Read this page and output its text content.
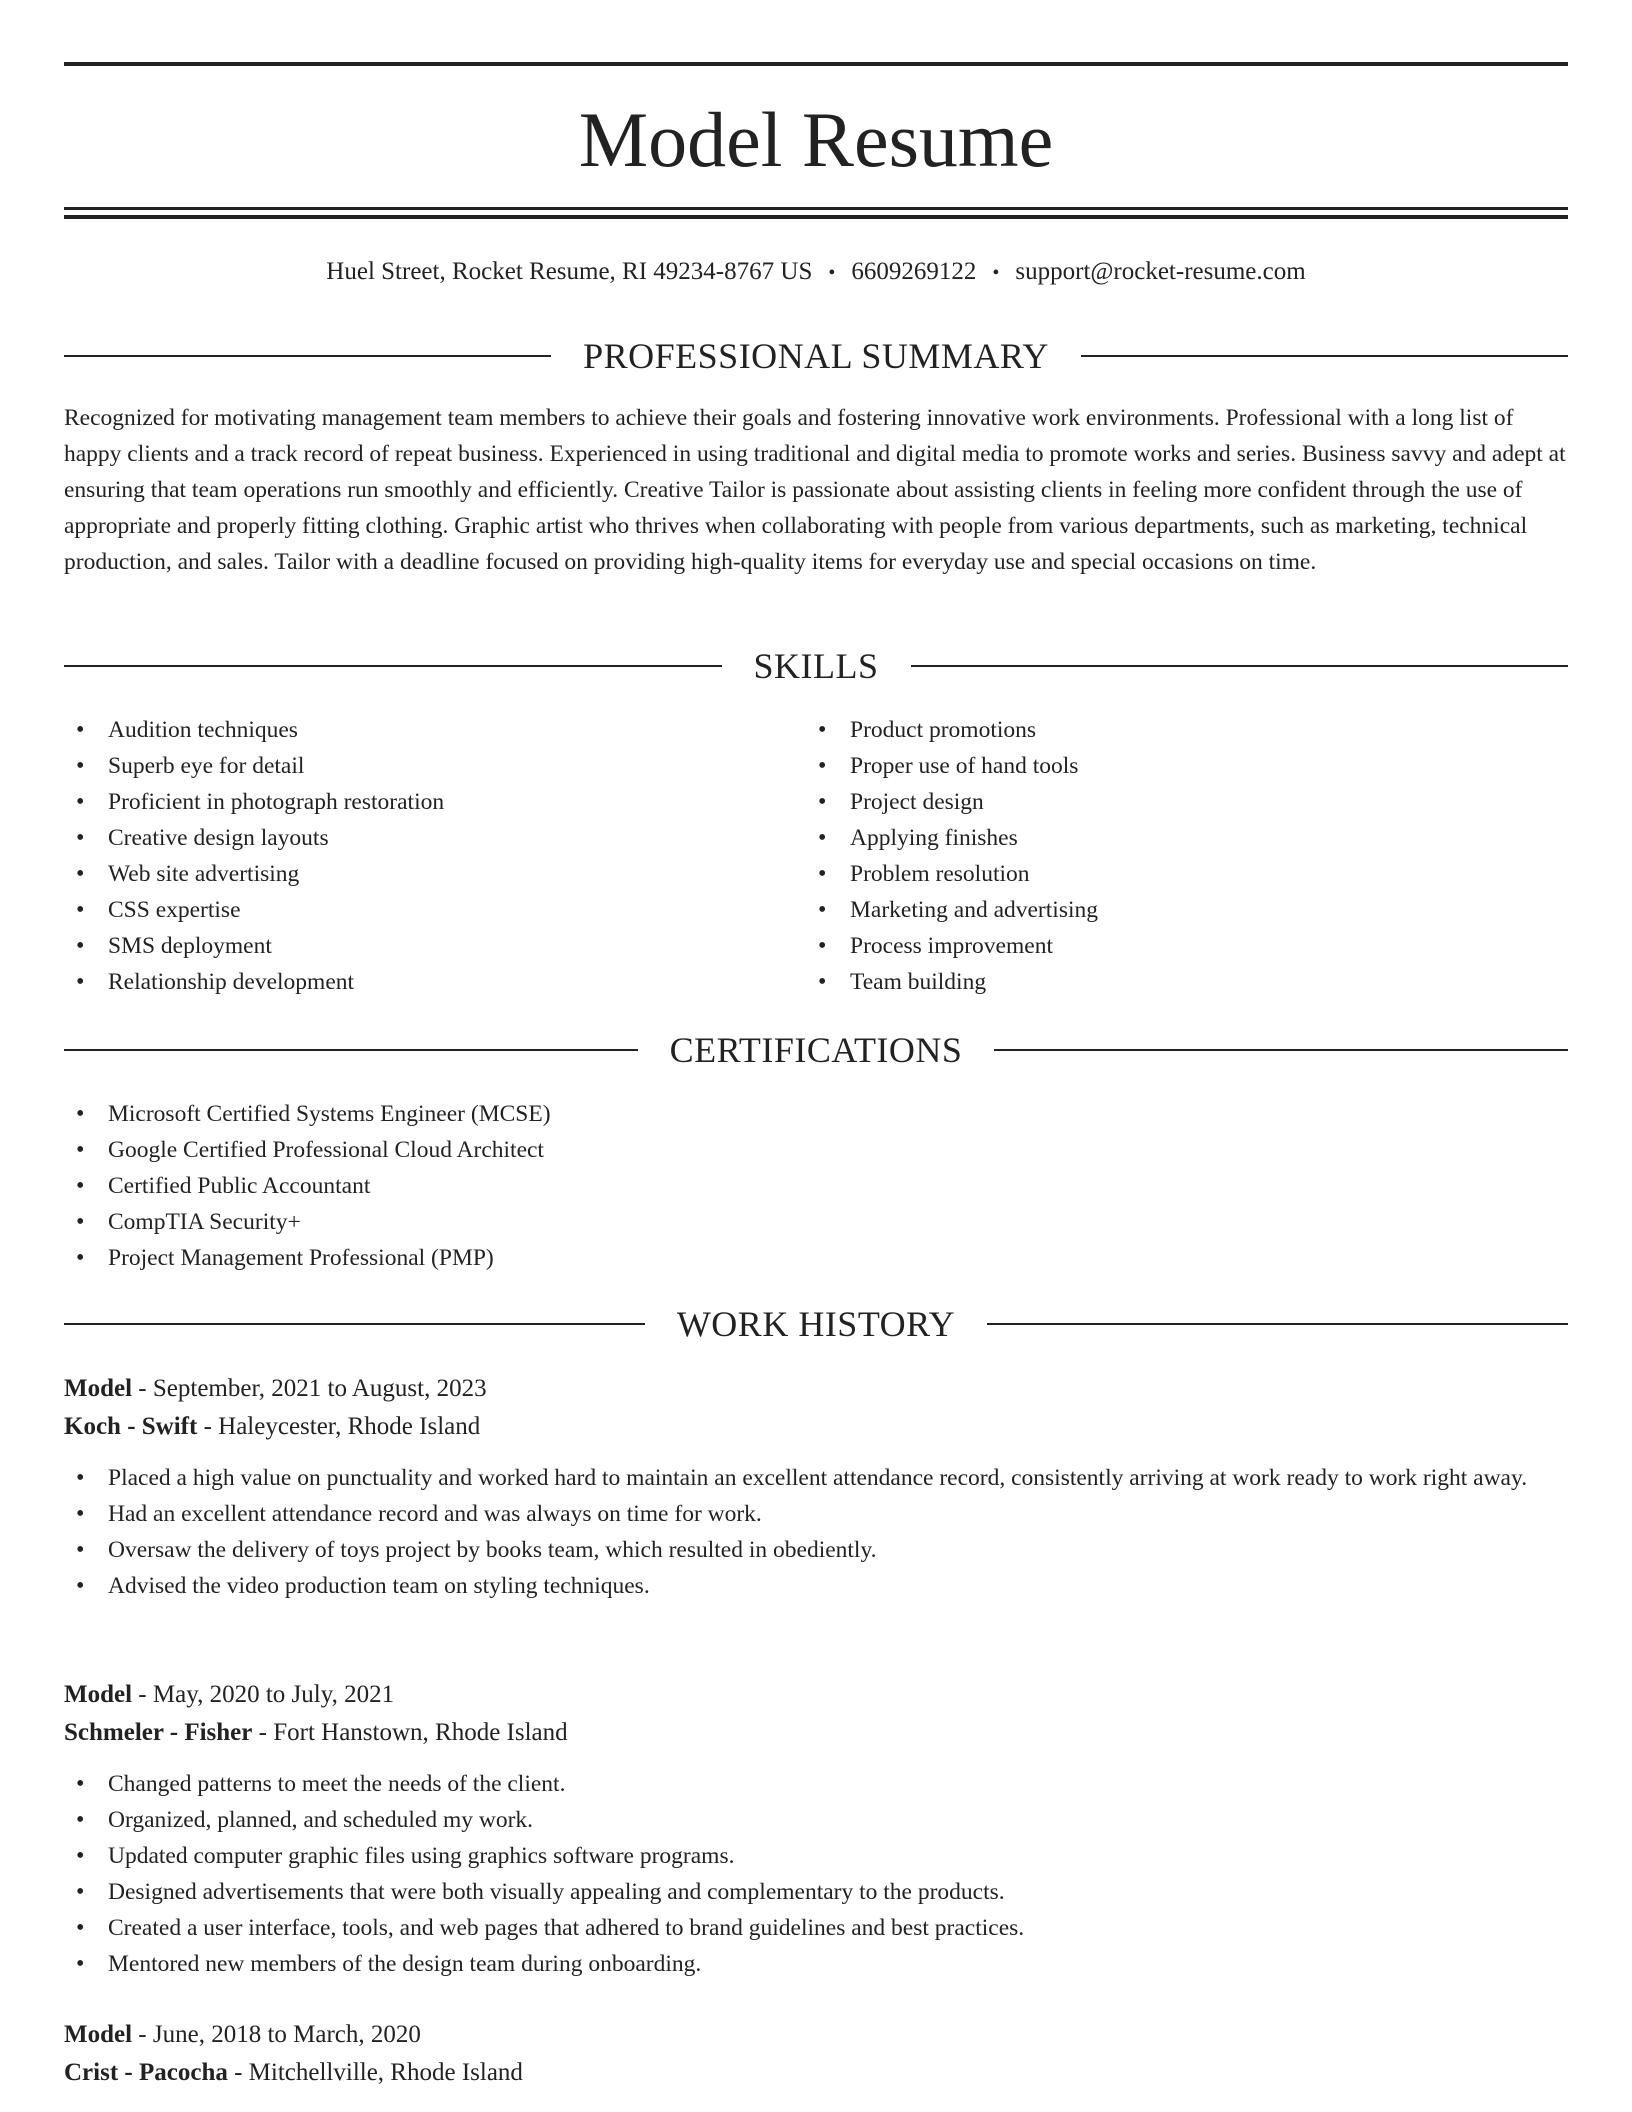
Model Resume
Huel Street, Rocket Resume, RI 49234-8767 US • 6609269122 • support@rocket-resume.com
PROFESSIONAL SUMMARY

Recognized for motivating management team members to achieve their goals and fostering innovative work environments. Professional with a long list of happy clients and a track record of repeat business. Experienced in using traditional and digital media to promote works and series. Business savvy and adept at ensuring that team operations run smoothly and efficiently. Creative Tailor is passionate about assisting clients in feeling more confident through the use of appropriate and properly fitting clothing. Graphic artist who thrives when collaborating with people from various departments, such as marketing, technical production, and sales. Tailor with a deadline focused on providing high-quality items for everyday use and special occasions on time.

SKILLS
• Audition techniques
• Superb eye for detail
• Proficient in photograph restoration
• Creative design layouts
• Web site advertising
• CSS expertise
• SMS deployment
• Relationship development
• Product promotions
• Proper use of hand tools
• Project design
• Applying finishes
• Problem resolution
• Marketing and advertising
• Process improvement
• Team building
CERTIFICATIONS
• Microsoft Certified Systems Engineer (MCSE)
• Google Certified Professional Cloud Architect
• Certified Public Accountant
• CompTIA Security+
• Project Management Professional (PMP)
WORK HISTORY
Model - September, 2021 to August, 2023
Koch - Swift - Haleycester, Rhode Island
• Placed a high value on punctuality and worked hard to maintain an excellent attendance record, consistently arriving at work ready to work right away.
• Had an excellent attendance record and was always on time for work.
• Oversaw the delivery of toys project by books team, which resulted in obediently.
• Advised the video production team on styling techniques.
Model - May, 2020 to July, 2021
Schmeler - Fisher - Fort Hanstown, Rhode Island
• Changed patterns to meet the needs of the client.
• Organized, planned, and scheduled my work.
• Updated computer graphic files using graphics software programs.
• Designed advertisements that were both visually appealing and complementary to the products.
• Created a user interface, tools, and web pages that adhered to brand guidelines and best practices.
• Mentored new members of the design team during onboarding.
Model - June, 2018 to March, 2020
Crist - Pacocha - Mitchellville, Rhode Island
